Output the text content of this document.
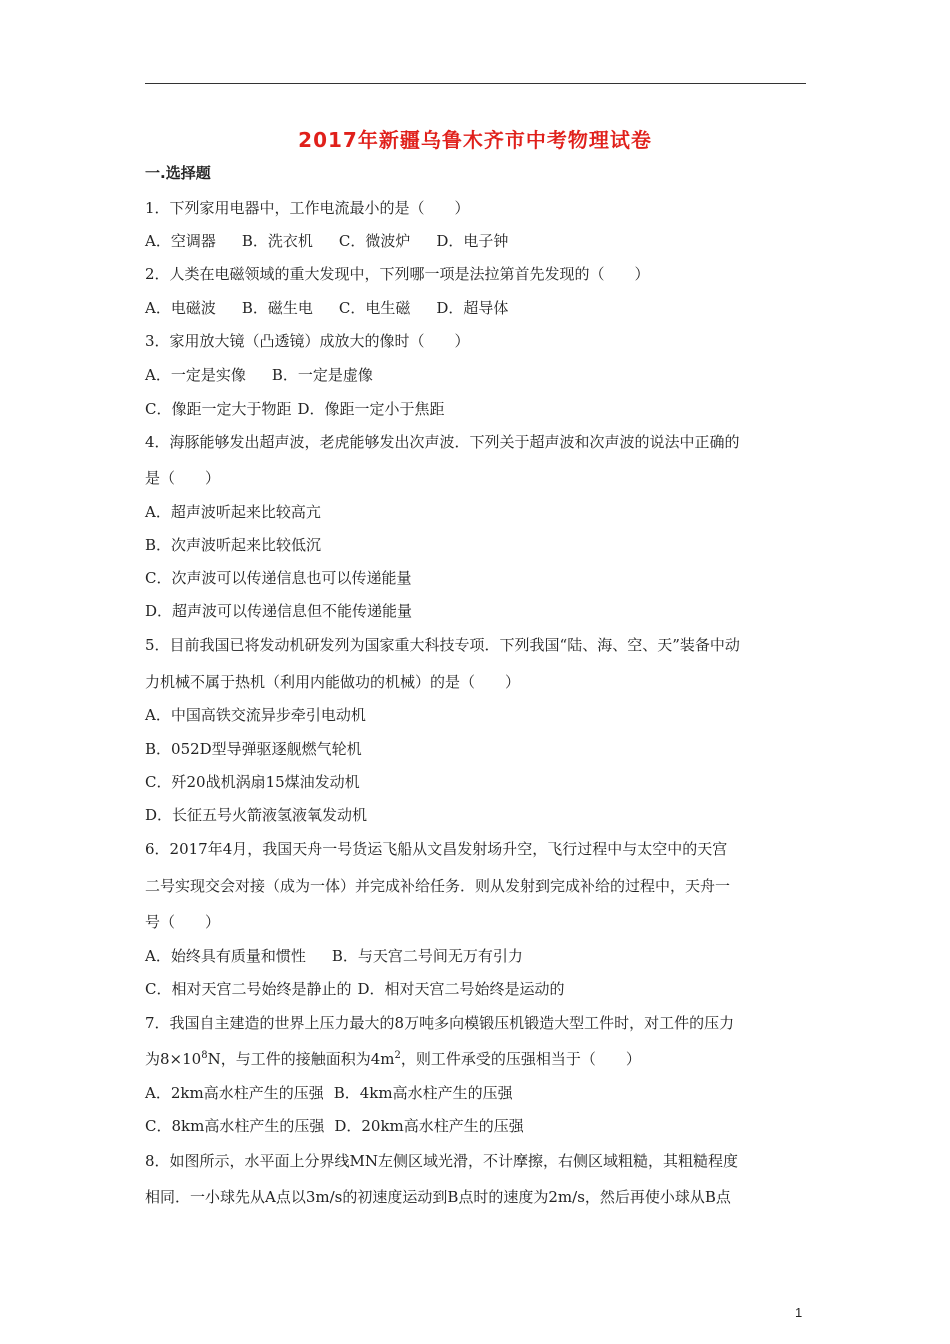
2017年新疆乌鲁木齐市中考物理试卷
一.选择题
1．下列家用电器中，工作电流最小的是（　　）
A．空调器 B．洗衣机 C．微波炉 D．电子钟
2．人类在电磁领域的重大发现中，下列哪一项是法拉第首先发现的（　　）
A．电磁波 B．磁生电 C．电生磁 D．超导体
3．家用放大镜（凸透镜）成放大的像时（　　）
A．一定是实像 B．一定是虚像
C．像距一定大于物距 D．像距一定小于焦距
4．海豚能够发出超声波，老虎能够发出次声波．下列关于超声波和次声波的说法中正确的
是（　　）
A．超声波听起来比较高亢
B．次声波听起来比较低沉
C．次声波可以传递信息也可以传递能量
D．超声波可以传递信息但不能传递能量
5．目前我国已将发动机研发列为国家重大科技专项．下列我国“陆、海、空、天”装备中动
力机械不属于热机（利用内能做功的机械）的是（　　）
A．中国高铁交流异步牵引电动机
B．052D型导弹驱逐舰燃气轮机
C．歼20战机涡扇15煤油发动机
D．长征五号火箭液氢液氧发动机
6．2017年4月，我国天舟一号货运飞船从文昌发射场升空，飞行过程中与太空中的天宫
二号实现交会对接（成为一体）并完成补给任务．则从发射到完成补给的过程中，天舟一
号（　　）
A．始终具有质量和惯性 B．与天宫二号间无万有引力
C．相对天宫二号始终是静止的 D．相对天宫二号始终是运动的
7．我国自主建造的世界上压力最大的8万吨多向模锻压机锻造大型工件时，对工件的压力
为$8\times 10^8N$，与工件的接触面积为$4m^2$，则工件承受的压强相当于（　　）
A．2km高水柱产生的压强 B．4km高水柱产生的压强
C．8km高水柱产生的压强 D．20km高水柱产生的压强
8．如图所示，水平面上分界线MN左侧区域光滑，不计摩擦，右侧区域粗糙，其粗糙程度
相同．一小球先从A点以3m/s的初速度运动到B点时的速度为2m/s，然后再使小球从B点
1
